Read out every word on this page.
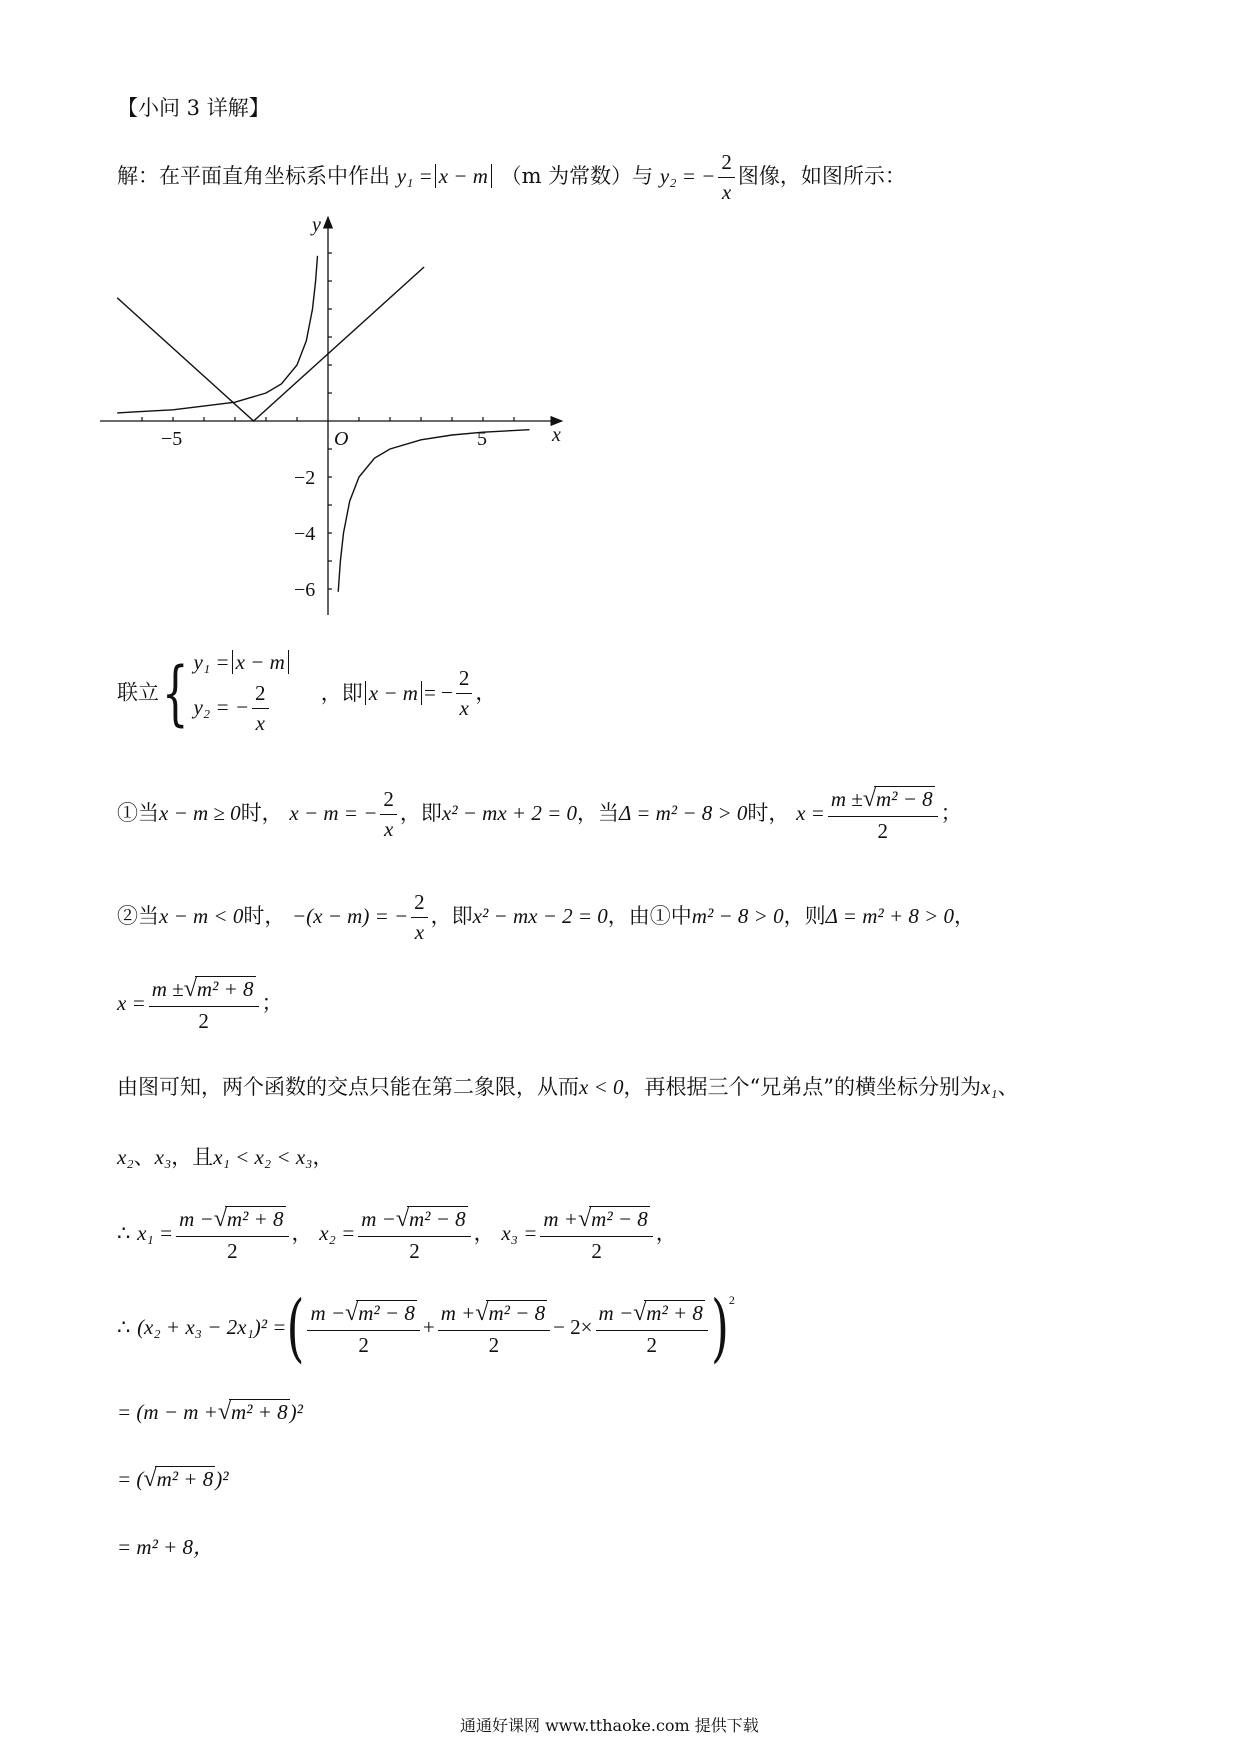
【小问 3 详解】
解：在平面直角坐标系中作出 y₁ = x − m （m 为常数）与 y₂ = − $\frac{2}{x}$ 图像，如图所示：
−5	5
O
−2
−4
−6
x
y
联立{ y₁ = x − m
y₂ = − $\frac{2}{x}$ ，即 x − m = − $\frac{2}{x}$ ，
①当x − m ≥ 0时， x − m = − $\frac{2}{x}$ ，即x² − mx + 2 = 0，当Δ = m² − 8 > 0时， $x = \frac{\text{m ±√m² − 8}}{2}$ ；
②当x − m < 0时， −(x − m) = − $\frac{2}{x}$ ，即x² − mx − 2 = 0，由①中m² − 8 > 0，则Δ = m² + 8 > 0，
$x = \frac{\text{m ±√m² + 8}}{2}$ ；
由图可知，两个函数的交点只能在第二象限，从而x < 0，再根据三个“兄弟点”的横坐标分别为x₁、
x₂、x₃，且x₁ < x₂ < x₃，
∴ $x_1 = \frac{\text{m −√m² + 8}}{2}$ ， $x_2 = \frac{\text{m −√m² − 8}}{2}$ ， $x_3 = \frac{\text{m +√m² − 8}}{2}$ ，
∴ (x₂ + x₃ − 2x₁)² =( $\frac{\text{m −√m² − 8}}{2} + \frac{\text{m +√m² − 8}}{2} - 2\times \frac{\text{m −√m² + 8}}{2} )^2$
= (m − m +√m² + 8)²
= (√m² + 8)²
= m² + 8，
通通好课网 www.tthaoke.com 提供下载
